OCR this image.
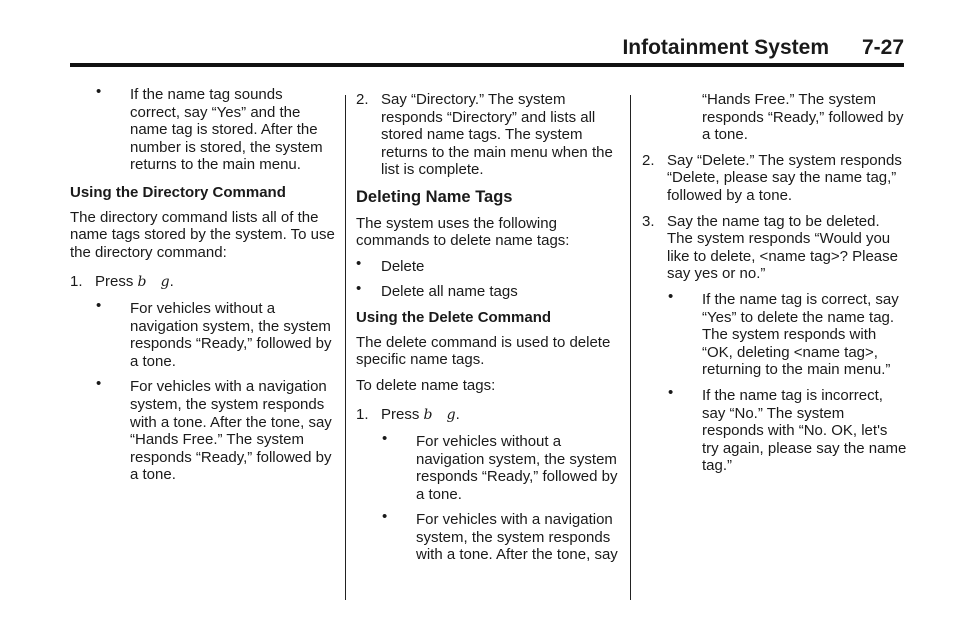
Infotainment System 7-27
• If the name tag sounds correct, say “Yes” and the name tag is stored. After the number is stored, the system returns to the main menu.
Using the Directory Command
The directory command lists all of the name tags stored by the system. To use the directory command:
1. Press b g.
• For vehicles without a navigation system, the system responds “Ready,” followed by a tone.
• For vehicles with a navigation system, the system responds with a tone. After the tone, say “Hands Free.” The system responds “Ready,” followed by a tone.
2. Say “Directory.” The system responds “Directory” and lists all stored name tags. The system returns to the main menu when the list is complete.
Deleting Name Tags
The system uses the following commands to delete name tags:
• Delete
• Delete all name tags
Using the Delete Command
The delete command is used to delete specific name tags.
To delete name tags:
1. Press b g.
• For vehicles without a navigation system, the system responds “Ready,” followed by a tone.
• For vehicles with a navigation system, the system responds with a tone. After the tone, say
“Hands Free.” The system responds “Ready,” followed by a tone.
2. Say “Delete.” The system responds “Delete, please say the name tag,” followed by a tone.
3. Say the name tag to be deleted. The system responds “Would you like to delete, <name tag>? Please say yes or no.”
• If the name tag is correct, say “Yes” to delete the name tag. The system responds with “OK, deleting <name tag>, returning to the main menu.”
• If the name tag is incorrect, say “No.” The system responds with “No. OK, let's try again, please say the name tag.”
